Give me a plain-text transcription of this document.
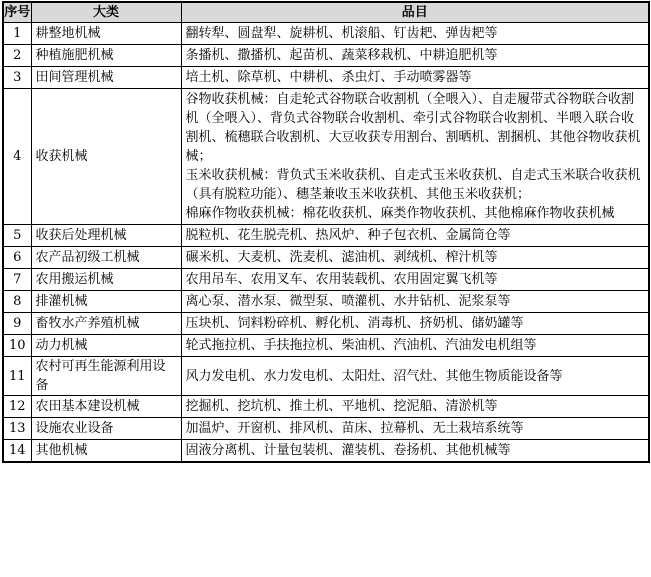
序号	大类	品目
1	耕整地机械	翻转犁、圆盘犁、旋耕机、机滚船、钉齿耙、弹齿耙等

2	种植施肥机械	条播机、撒播机、起苗机、蔬菜移栽机、中耕追肥机等

3	田间管理机械	培土机、除草机、中耕机、杀虫灯、手动喷雾器等

4	收获机械	谷物收获机械：自走轮式谷物联合收割机（全喂入）、自走履带式谷物联合收割机（全喂入）、背负式谷物联合收割机、牵引式谷物联合收割机、半喂入联合收割机、梳穗联合收割机、大豆收获专用割台、割晒机、割捆机、其他谷物收获机械；
玉米收获机械：背负式玉米收获机、自走式玉米收获机、自走式玉米联合收获机（具有脱粒功能）、穗茎兼收玉米收获机、其他玉米收获机；
棉麻作物收获机械：棉花收获机、麻类作物收获机、其他棉麻作物收获机械

5	收获后处理机械	脱粒机、花生脱壳机、热风炉、种子包衣机、金属筒仓等

6	农产品初级工机械	碾米机、大麦机、洗麦机、滤油机、剥绒机、榨汁机等

7	农用搬运机械	农用吊车、农用叉车、农用装载机、农用固定翼飞机等

8	排灌机械	离心泵、潜水泵、微型泵、喷灌机、水井钻机、泥浆泵等

9	畜牧水产养殖机械	压块机、饲料粉碎机、孵化机、消毒机、挤奶机、储奶罐等

10	动力机械	轮式拖拉机、手扶拖拉机、柴油机、汽油机、汽油发电机组等

11	农村可再生能源利用设备	风力发电机、水力发电机、太阳灶、沼气灶、其他生物质能设备等

12	农田基本建设机械	挖掘机、挖坑机、推土机、平地机、挖泥船、清淤机等

13	设施农业设备	加温炉、开窗机、排风机、苗床、拉幕机、无土栽培系统等

14	其他机械	固液分离机、计量包装机、灌装机、卷扬机、其他机械等
